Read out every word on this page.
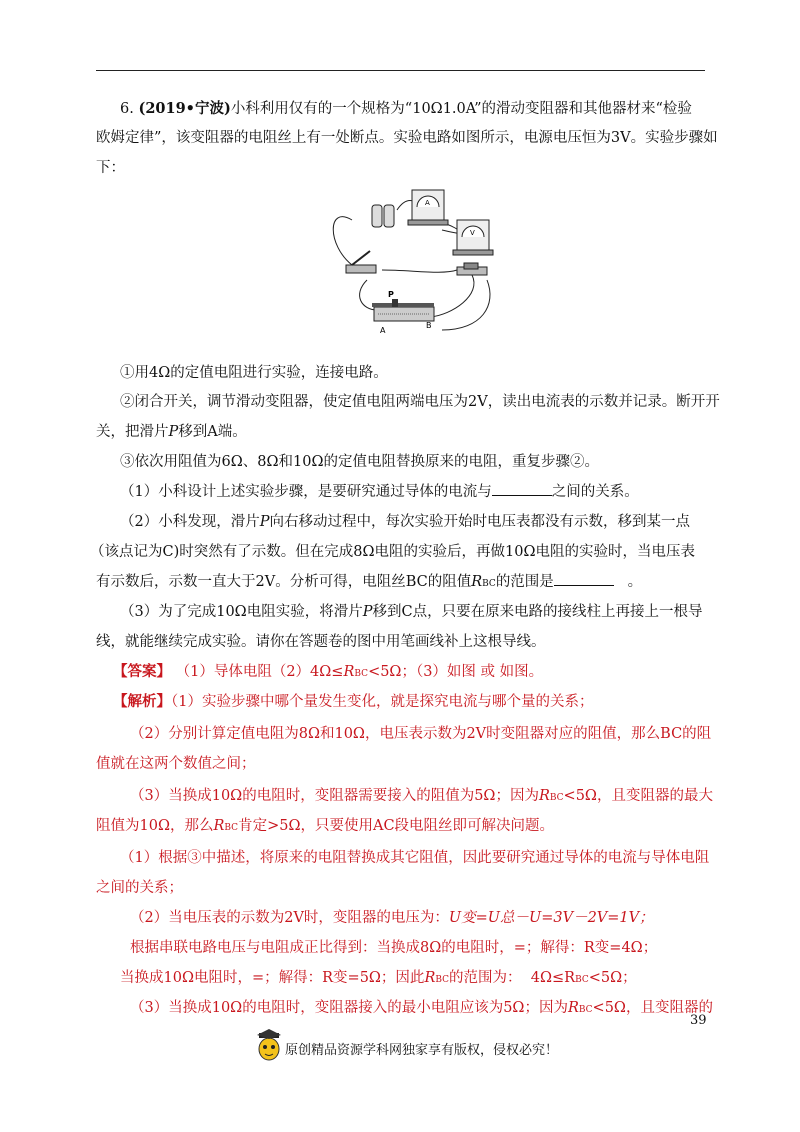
6. (2019•宁波)小科利用仅有的一个规格为“10Ω1.0A”的滑动变阻器和其他器材来“检验
欧姆定律”，该变阻器的电阻丝上有一处断点。实验电路如图所示，电源电压恒为3V。实验步骤如
下：
A
V
P
A
B
①用4Ω的定值电阻进行实验，连接电路。
②闭合开关，调节滑动变阻器，使定值电阻两端电压为2V，读出电流表的示数并记录。断开开
关，把滑片P移到A端。
③依次用阻值为6Ω、8Ω和10Ω的定值电阻替换原来的电阻，重复步骤②。
（1）小科设计上述实验步骤，是要研究通过导体的电流与	之间的关系。
（2）小科发现，滑片P向右移动过程中，每次实验开始时电压表都没有示数，移到某一点
（该点记为C)时突然有了示数。但在完成8Ω电阻的实验后，再做10Ω电阻的实验时，当电压表
有示数后，示数一直大于2V。分析可得，电阻丝BC的阻值RBC的范围是	。
（3）为了完成10Ω电阻实验，将滑片P移到C点，只要在原来电路的接线柱上再接上一根导
线，就能继续完成实验。请你在答题卷的图中用笔画线补上这根导线。
【答案】 （1）导体电阻（2）4Ω≤RBC<5Ω；（3）如图 或 如图。
【解析】（1）实验步骤中哪个量发生变化，就是探究电流与哪个量的关系；
（2）分别计算定值电阻为8Ω和10Ω，电压表示数为2V时变阻器对应的阻值，那么BC的阻
值就在这两个数值之间；
（3）当换成10Ω的电阻时，变阻器需要接入的阻值为5Ω；因为RBC<5Ω，且变阻器的最大
阻值为10Ω，那么RBC肯定>5Ω，只要使用AC段电阻丝即可解决问题。
（1）根据③中描述，将原来的电阻替换成其它阻值，因此要研究通过导体的电流与导体电阻
之间的关系；
（2）当电压表的示数为2V时，变阻器的电压为：U变=U总－U=3V－2V=1V；
根据串联电路电压与电阻成正比得到：当换成8Ω的电阻时，=；解得：R变=4Ω；
当换成10Ω电阻时，=；解得：R变=5Ω；因此RBC的范围为： 4Ω≤RBC<5Ω；
（3）当换成10Ω的电阻时，变阻器接入的最小电阻应该为5Ω；因为RBC<5Ω，且变阻器的
39
原创精品资源学科网独家享有版权，侵权必究！
